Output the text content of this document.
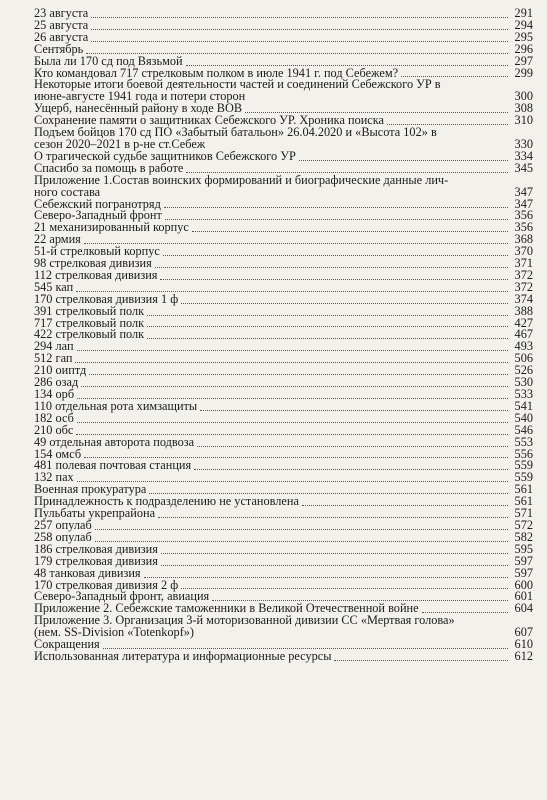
23 августа	291
25 августа	294
26 августа	295
Сентябрь	296
Была ли 170 сд под Вязьмой	297
Кто командовал 717 стрелковым полком в июле 1941 г. под Себежем?	299
Некоторые итоги боевой деятельности частей и соединений Себежского УР в
июне-августе 1941 года и потери сторон	300
Ущерб, нанесённый району в ходе ВОВ	308
Сохранение памяти о защитниках Себежского УР. Хроника поиска	310
Подъем бойцов 170 сд ПО «Забытый батальон» 26.04.2020 и «Высота 102» в
сезон 2020–2021 в р-не ст.Себеж	330
О трагической судьбе защитников Себежского УР	334
Спасибо за помощь в работе	345
Приложение 1.Состав воинских формирований и биографические данные лич-
ного состава	347
Себежский погранотряд	347
Северо-Западный фронт	356
21 механизированный корпус	356
22 армия	368
51-й стрелковый корпус	370
98 стрелковая дивизия	371
112 стрелковая дивизия	372
545 кап	372
170 стрелковая дивизия 1 ф	374
391 стрелковый полк	388
717 стрелковый полк	427
422 стрелковый полк	467
294 лап	493
512 гап	506
210 оиптд	526
286 озад	530
134 орб	533
110 отдельная рота химзащиты	541
182 осб	540
210 обс	546
49 отдельная авторота подвоза	553
154 омсб	556
481 полевая почтовая станция	559
132 пах	559
Военная прокуратура	561
Принадлежность к подразделению не установлена	561
Пульбаты укрепрайона	571
257 опулаб	572
258 опулаб	582
186 стрелковая дивизия	595
179 стрелковая дивизия	597
48 танковая дивизия	597
170 стрелковая дивизия 2 ф	600
Северо-Западный фронт, авиация	601
Приложение 2. Себежские таможенники в Великой Отечественной войне	604
Приложение 3. Организация 3-й моторизованной дивизии СС «Мертвая голова»
(нем. SS-Division «Totenkopf»)	607
Сокращения	610
Использованная литература и информационные ресурсы	612
